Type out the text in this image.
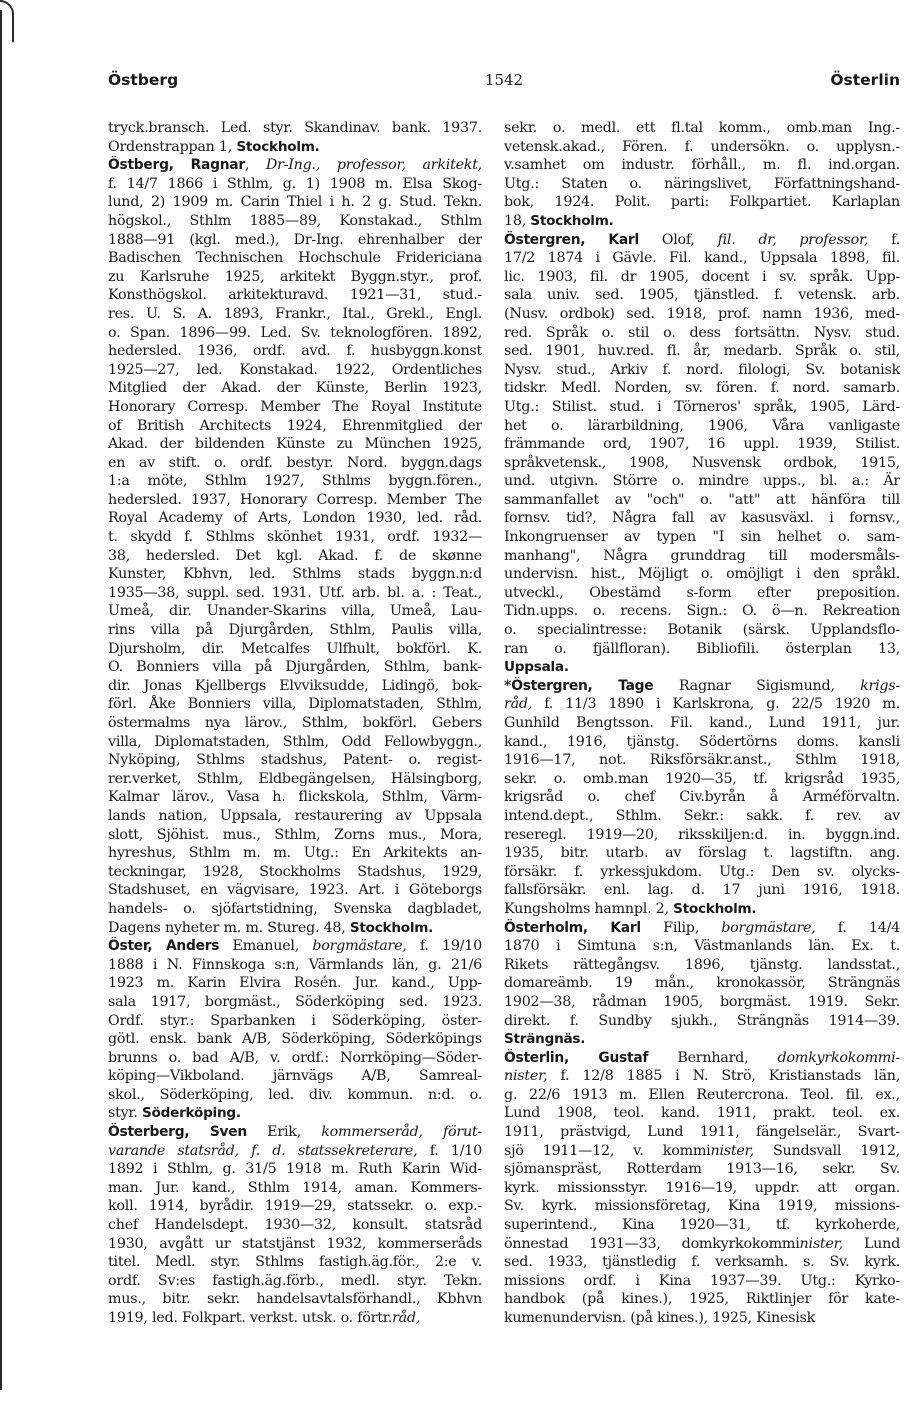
Östberg	1542	Österlin
tryck.bransch. Led. styr. Skandinav. bank. 1937.
Ordenstrappan 1, Stockholm.
Östberg, Ragnar, Dr-Ing., professor, arkitekt,
f. 14/7 1866 i Sthlm, g. 1) 1908 m. Elsa Skog-
lund, 2) 1909 m. Carin Thiel i h. 2 g. Stud. Tekn.
högskol., Sthlm 1885—89, Konstakad., Sthlm
1888—91 (kgl. med.), Dr-Ing. ehrenhalber der
Badischen Technischen Hochschule Fridericiana
zu Karlsruhe 1925, arkitekt Byggn.styr., prof.
Konsthögskol. arkitekturavd. 1921—31, stud.-
res. U. S. A. 1893, Frankr., Ital., Grekl., Engl.
o. Span. 1896—99. Led. Sv. teknologfören. 1892,
hedersled. 1936, ordf. avd. f. husbyggn.konst
1925—27, led. Konstakad. 1922, Ordentliches
Mitglied der Akad. der Künste, Berlin 1923,
Honorary Corresp. Member The Royal Institute
of British Architects 1924, Ehrenmitglied der
Akad. der bildenden Künste zu München 1925,
en av stift. o. ordf. bestyr. Nord. byggn.dags
1:a möte, Sthlm 1927, Sthlms byggn.fören.,
hedersled. 1937, Honorary Corresp. Member The
Royal Academy of Arts, London 1930, led. råd.
t. skydd f. Sthlms skönhet 1931, ordf. 1932—
38, hedersled. Det kgl. Akad. f. de skønne
Kunster, Kbhvn, led. Sthlms stads byggn.n:d
1935—38, suppl. sed. 1931. Utf. arb. bl. a. : Teat.,
Umeå, dir. Unander-Skarins villa, Umeå, Lau-
rins villa på Djurgården, Sthlm, Paulis villa,
Djursholm, dir. Metcalfes Ulfhult, bokförl. K.
O. Bonniers villa på Djurgården, Sthlm, bank-
dir. Jonas Kjellbergs Elvviksudde, Lidingö, bok-
förl. Åke Bonniers villa, Diplomatstaden, Sthlm,
östermalms nya lärov., Sthlm, bokförl. Gebers
villa, Diplomatstaden, Sthlm, Odd Fellowbyggn.,
Nyköping, Sthlms stadshus, Patent- o. regist-
rer.verket, Sthlm, Eldbegängelsen, Hälsingborg,
Kalmar lärov., Vasa h. flickskola, Sthlm, Värm-
lands nation, Uppsala, restaurering av Uppsala
slott, Sjöhist. mus., Sthlm, Zorns mus., Mora,
hyreshus, Sthlm m. m. Utg.: En Arkitekts an-
teckningar, 1928, Stockholms Stadshus, 1929,
Stadshuset, en vägvisare, 1923. Art. i Göteborgs
handels- o. sjöfartstidning, Svenska dagbladet,
Dagens nyheter m. m. Stureg. 48, Stockholm.
Öster, Anders Emanuel, borgmästare, f. 19/10
1888 i N. Finnskoga s:n, Värmlands län, g. 21/6
1923 m. Karin Elvira Rosén. Jur. kand., Upp-
sala 1917, borgmäst., Söderköping sed. 1923.
Ordf. styr.: Sparbanken i Söderköping, öster-
götl. ensk. bank A/B, Söderköping, Söderköpings
brunns o. bad A/B, v. ordf.: Norrköping—Söder-
köping—Vikboland. järnvägs A/B, Samreal-
skol., Söderköping, led. div. kommun. n:d. o.
styr. Söderköping.
Österberg, Sven Erik, kommerseråd, förut-
varande statsråd, f. d. statssekreterare, f. 1/10
1892 i Sthlm, g. 31/5 1918 m. Ruth Karin Wid-
man. Jur. kand., Sthlm 1914, aman. Kommers-
koll. 1914, byrådir. 1919—29, statssekr. o. exp.-
chef Handelsdept. 1930—32, konsult. statsråd
1930, avgått ur statstjänst 1932, kommerseråds
titel. Medl. styr. Sthlms fastigh.äg.för., 2:e v.
ordf. Sv:es fastigh.äg.förb., medl. styr. Tekn.
mus., bitr. sekr. handelsavtalsförhandl., Kbhvn
1919, led. Folkpart. verkst. utsk. o. förtr.råd,
sekr. o. medl. ett fl.tal komm., omb.man Ing.-
vetensk.akad., Fören. f. undersökn. o. upplysn.-
v.samhet om industr. förhåll., m. fl. ind.organ.
Utg.: Staten o. näringslivet, Författningshand-
bok, 1924. Polit. parti: Folkpartiet. Karlaplan
18, Stockholm.
Östergren, Karl Olof, fil. dr, professor, f.
17/2 1874 i Gävle. Fil. kand., Uppsala 1898, fil.
lic. 1903, fil. dr 1905, docent i sv. språk. Upp-
sala univ. sed. 1905, tjänstled. f. vetensk. arb.
(Nusv. ordbok) sed. 1918, prof. namn 1936, med-
red. Språk o. stil o. dess fortsättn. Nysv. stud.
sed. 1901, huv.red. fl. år, medarb. Språk o. stil,
Nysv. stud., Arkiv f. nord. filologi, Sv. botanisk
tidskr. Medl. Norden, sv. fören. f. nord. samarb.
Utg.: Stilist. stud. i Törneros' språk, 1905, Lärd-
het o. lärarbildning, 1906, Våra vanligaste
främmande ord, 1907, 16 uppl. 1939, Stilist.
språkvetensk., 1908, Nusvensk ordbok, 1915,
und. utgivn. Större o. mindre upps., bl. a.: Är
sammanfallet av "och" o. "att" att hänföra till
fornsv. tid?, Några fall av kasusväxl. i fornsv.,
Inkongruenser av typen "I sin helhet o. sam-
manhang", Några grunddrag till modersmåls-
undervisn. hist., Möjligt o. omöjligt i den språkl.
utveckl., Obestämd s-form efter preposition.
Tidn.upps. o. recens. Sign.: O. ö—n. Rekreation
o. specialintresse: Botanik (särsk. Upplandsflo-
ran o. fjällfloran). Bibliofili. österplan 13,
Uppsala.
*Östergren, Tage Ragnar Sigismund, krigs-
råd, f. 11/3 1890 i Karlskrona, g. 22/5 1920 m.
Gunhild Bengtsson. Fil. kand., Lund 1911, jur.
kand., 1916, tjänstg. Södertörns doms. kansli
1916—17, not. Riksförsäkr.anst., Sthlm 1918,
sekr. o. omb.man 1920—35, tf. krigsråd 1935,
krigsråd o. chef Civ.byrån å Arméförvaltn.
intend.dept., Sthlm. Sekr.: sakk. f. rev. av
reseregl. 1919—20, riksskiljen:d. in. byggn.ind.
1935, bitr. utarb. av förslag t. lagstiftn. ang.
försäkr. f. yrkessjukdom. Utg.: Den sv. olycks-
fallsförsäkr. enl. lag. d. 17 juni 1916, 1918.
Kungsholms hamnpl. 2, Stockholm.
Österholm, Karl Filip, borgmästare, f. 14/4
1870 i Simtuna s:n, Västmanlands län. Ex. t.
Rikets rättegångsv. 1896, tjänstg. landsstat.,
domareämb. 19 mån., kronokassör, Strängnäs
1902—38, rådman 1905, borgmäst. 1919. Sekr.
direkt. f. Sundby sjukh., Strängnäs 1914—39.
Strängnäs.
Österlin, Gustaf Bernhard, domkyrkokommi-
nister, f. 12/8 1885 i N. Strö, Kristianstads län,
g. 22/6 1913 m. Ellen Reutercrona. Teol. fil. ex.,
Lund 1908, teol. kand. 1911, prakt. teol. ex.
1911, prästvigd, Lund 1911, fängelselär., Svart-
sjö 1911—12, v. komminister, Sundsvall 1912,
sjömanspräst, Rotterdam 1913—16, sekr. Sv.
kyrk. missionsstyr. 1916—19, uppdr. att organ.
Sv. kyrk. missionsföretag, Kina 1919, missions-
superintend., Kina 1920—31, tf. kyrkoherde,
önnestad 1931—33, domkyrkokomminister, Lund
sed. 1933, tjänstledig f. verksamh. s. Sv. kyrk.
missions ordf. i Kina 1937—39. Utg.: Kyrko-
handbok (på kines.), 1925, Riktlinjer för kate-
kumenundervisn. (på kines.), 1925, Kinesisk
